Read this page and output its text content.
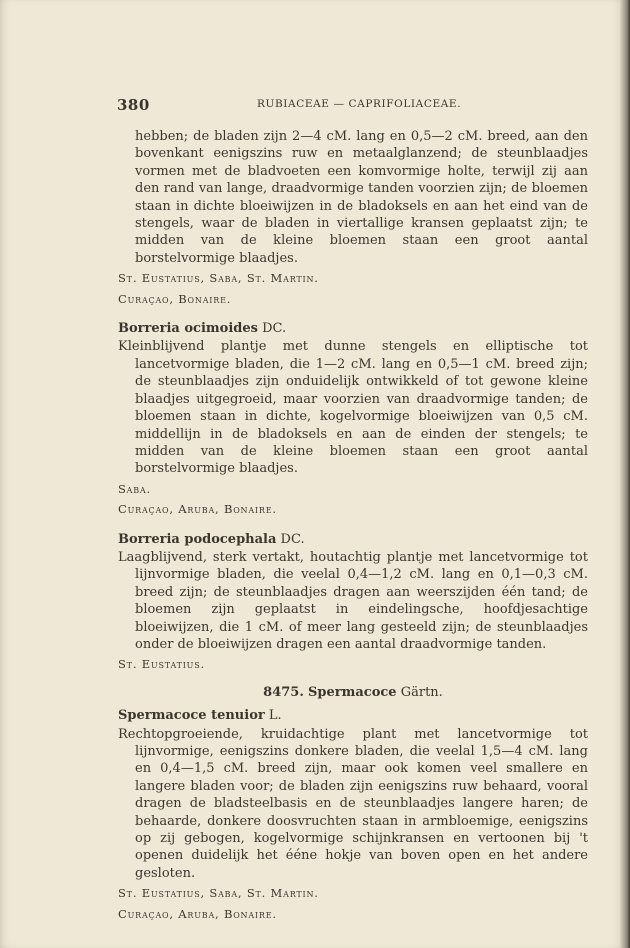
380	RUBIACEAE — CAPRIFOLIACEAE.

hebben; de bladen zijn 2—4 cM. lang en 0,5—2 cM. breed, aan den bovenkant eenigszins ruw en metaalglanzend; de steunblaadjes vormen met de bladvoeten een komvormige holte, terwijl zij aan den rand van lange, draadvormige tanden voorzien zijn; de bloemen staan in dichte bloeiwijzen in de bladoksels en aan het eind van de stengels, waar de bladen in viertallige kransen geplaatst zijn; te midden van de kleine bloemen staan een groot aantal borstelvormige blaadjes.

St. Eustatius, Saba, St. Martin.

Curaçao, Bonaire.

Borreria ocimoides DC.

Kleinblijvend plantje met dunne stengels en elliptische tot lancetvormige bladen, die 1—2 cM. lang en 0,5—1 cM. breed zijn; de steunblaadjes zijn onduidelijk ontwikkeld of tot gewone kleine blaadjes uitgegroeid, maar voorzien van draadvormige tanden; de bloemen staan in dichte, kogelvormige bloeiwijzen van 0,5 cM. middellijn in de bladoksels en aan de einden der stengels; te midden van de kleine bloemen staan een groot aantal borstelvormige blaadjes.

Saba.

Curaçao, Aruba, Bonaire.

Borreria podocephala DC.

Laagblijvend, sterk vertakt, houtachtig plantje met lancetvormige tot lijnvormige bladen, die veelal 0,4—1,2 cM. lang en 0,1—0,3 cM. breed zijn; de steunblaadjes dragen aan weerszijden één tand; de bloemen zijn geplaatst in eindelingsche, hoofdjesachtige bloeiwijzen, die 1 cM. of meer lang gesteeld zijn; de steunblaadjes onder de bloeiwijzen dragen een aantal draadvormige tanden.

St. Eustatius.

8475. Spermacoce Gärtn.

Spermacoce tenuior L.

Rechtopgroeiende, kruidachtige plant met lancetvormige tot lijnvormige, eenigszins donkere bladen, die veelal 1,5—4 cM. lang en 0,4—1,5 cM. breed zijn, maar ook komen veel smallere en langere bladen voor; de bladen zijn eenigszins ruw behaard, vooral dragen de bladsteelbasis en de steunblaadjes langere haren; de behaarde, donkere doosvruchten staan in armbloemige, eenigszins op zij gebogen, kogelvormige schijnkransen en vertoonen bij 't openen duidelijk het ééne hokje van boven open en het andere gesloten.

St. Eustatius, Saba, St. Martin.

Curaçao, Aruba, Bonaire.
